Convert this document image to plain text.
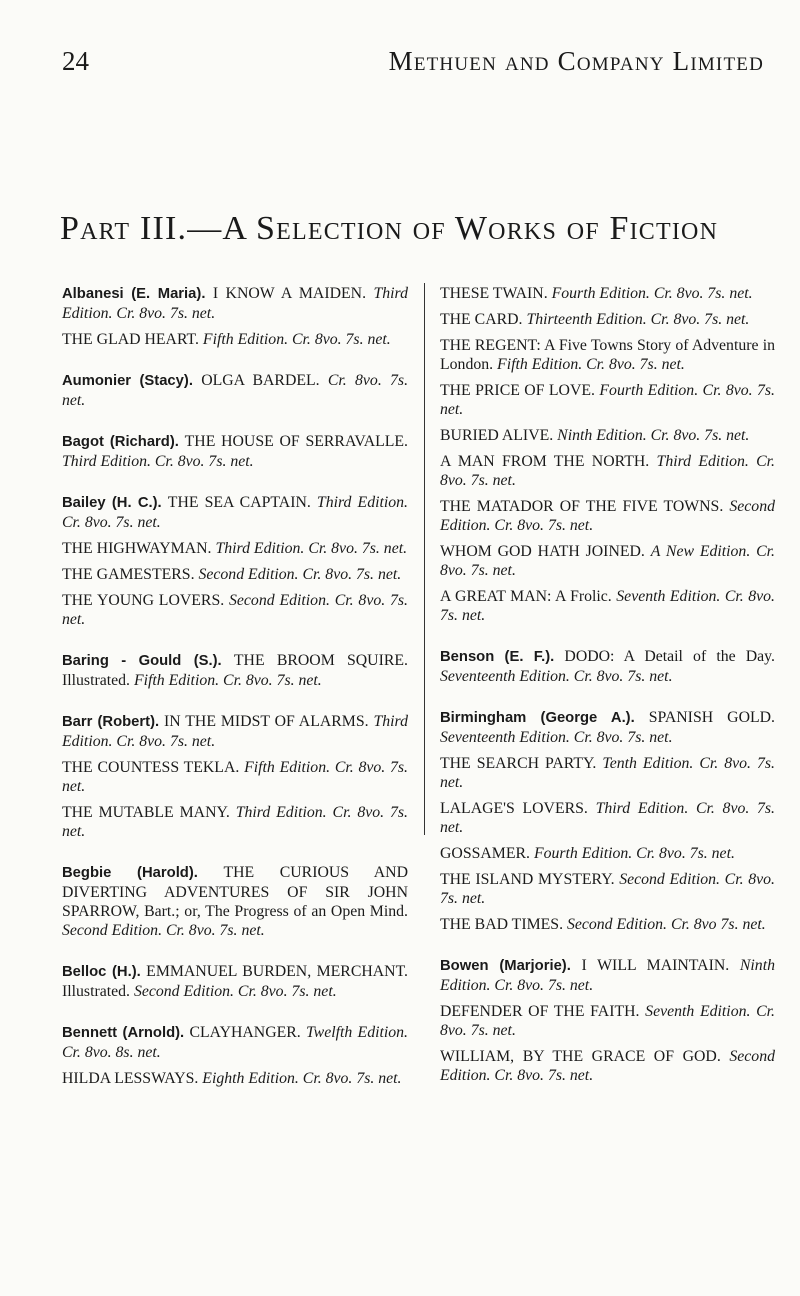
24	Methuen and Company Limited
Part III.—A Selection of Works of Fiction

Albanesi (E. Maria). I KNOW A MAIDEN. Third Edition. Cr. 8vo. 7s. net.

THE GLAD HEART. Fifth Edition. Cr. 8vo. 7s. net.

Aumonier (Stacy). OLGA BARDEL. Cr. 8vo. 7s. net.

Bagot (Richard). THE HOUSE OF SERRAVALLE. Third Edition. Cr. 8vo. 7s. net.

Bailey (H. C.). THE SEA CAPTAIN. Third Edition. Cr. 8vo. 7s. net.

THE HIGHWAYMAN. Third Edition. Cr. 8vo. 7s. net.

THE GAMESTERS. Second Edition. Cr. 8vo. 7s. net.

THE YOUNG LOVERS. Second Edition. Cr. 8vo. 7s. net.

Baring - Gould (S.). THE BROOM SQUIRE. Illustrated. Fifth Edition. Cr. 8vo. 7s. net.

Barr (Robert). IN THE MIDST OF ALARMS. Third Edition. Cr. 8vo. 7s. net.

THE COUNTESS TEKLA. Fifth Edition. Cr. 8vo. 7s. net.

THE MUTABLE MANY. Third Edition. Cr. 8vo. 7s. net.

Begbie (Harold). THE CURIOUS AND DIVERTING ADVENTURES OF SIR JOHN SPARROW, Bart.; or, The Progress of an Open Mind. Second Edition. Cr. 8vo. 7s. net.

Belloc (H.). EMMANUEL BURDEN, MERCHANT. Illustrated. Second Edition. Cr. 8vo. 7s. net.

Bennett (Arnold). CLAYHANGER. Twelfth Edition. Cr. 8vo. 8s. net.

HILDA LESSWAYS. Eighth Edition. Cr. 8vo. 7s. net.

THESE TWAIN. Fourth Edition. Cr. 8vo. 7s. net.

THE CARD. Thirteenth Edition. Cr. 8vo. 7s. net.

THE REGENT: A Five Towns Story of Adventure in London. Fifth Edition. Cr. 8vo. 7s. net.

THE PRICE OF LOVE. Fourth Edition. Cr. 8vo. 7s. net.

BURIED ALIVE. Ninth Edition. Cr. 8vo. 7s. net.

A MAN FROM THE NORTH. Third Edition. Cr. 8vo. 7s. net.

THE MATADOR OF THE FIVE TOWNS. Second Edition. Cr. 8vo. 7s. net.

WHOM GOD HATH JOINED. A New Edition. Cr. 8vo. 7s. net.

A GREAT MAN: A Frolic. Seventh Edition. Cr. 8vo. 7s. net.

Benson (E. F.). DODO: A Detail of the Day. Seventeenth Edition. Cr. 8vo. 7s. net.

Birmingham (George A.). SPANISH GOLD. Seventeenth Edition. Cr. 8vo. 7s. net.

THE SEARCH PARTY. Tenth Edition. Cr. 8vo. 7s. net.

LALAGE'S LOVERS. Third Edition. Cr. 8vo. 7s. net.

GOSSAMER. Fourth Edition. Cr. 8vo. 7s. net.

THE ISLAND MYSTERY. Second Edition. Cr. 8vo. 7s. net.

THE BAD TIMES. Second Edition. Cr. 8vo 7s. net.

Bowen (Marjorie). I WILL MAINTAIN. Ninth Edition. Cr. 8vo. 7s. net.

DEFENDER OF THE FAITH. Seventh Edition. Cr. 8vo. 7s. net.

WILLIAM, BY THE GRACE OF GOD. Second Edition. Cr. 8vo. 7s. net.
